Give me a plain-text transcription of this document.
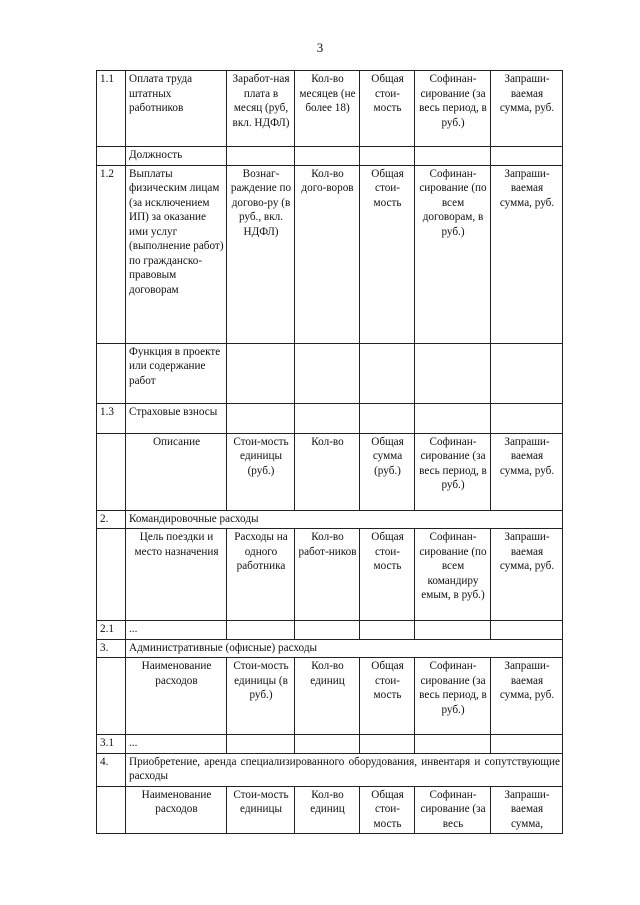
3
1.1	Оплата труда штатных работников	Заработ-ная плата в месяц (руб, вкл. НДФЛ)	Кол-во месяцев (не более 18)	Общая стои-мость	Софинан-сирование (за весь период, в руб.)	Запраши-ваемая сумма, руб.
	Должность					
1.2	Выплаты физическим лицам (за исключением ИП) за оказание ими услуг (выполнение работ) по гражданско-правовым договорам	Вознаг-раждение по догово-ру (в руб., вкл. НДФЛ)	Кол-во дого-воров	Общая стои-мость	Софинан-сирование (по всем договорам, в руб.)	Запраши-ваемая сумма, руб.
	Функция в проекте или содержание работ					
1.3	Страховые взносы					
	Описание	Стои-мость единицы (руб.)	Кол-во	Общая сумма (руб.)	Софинан-сирование (за весь период, в руб.)	Запраши-ваемая сумма, руб.
2.	Командировочные расходы					
	Цель поездки и место назначения	Расходы на одного работника	Кол-во работ-ников	Общая стои-мость	Софинан-сирование (по всем командиру емым, в руб.)	Запраши-ваемая сумма, руб.
2.1	...					
3.	Административные (офисные) расходы					
	Наименование расходов	Стои-мость единицы (в руб.)	Кол-во единиц	Общая стои-мость	Софинан-сирование (за весь период, в руб.)	Запраши-ваемая сумма, руб.
3.1	...					
4.	Приобретение, аренда специализированного оборудования, инвентаря и сопутствующие расходы					
	Наименование расходов	Стои-мость единицы	Кол-во единиц	Общая стои-мость	Софинан-сирование (за весь	Запраши-ваемая сумма,
